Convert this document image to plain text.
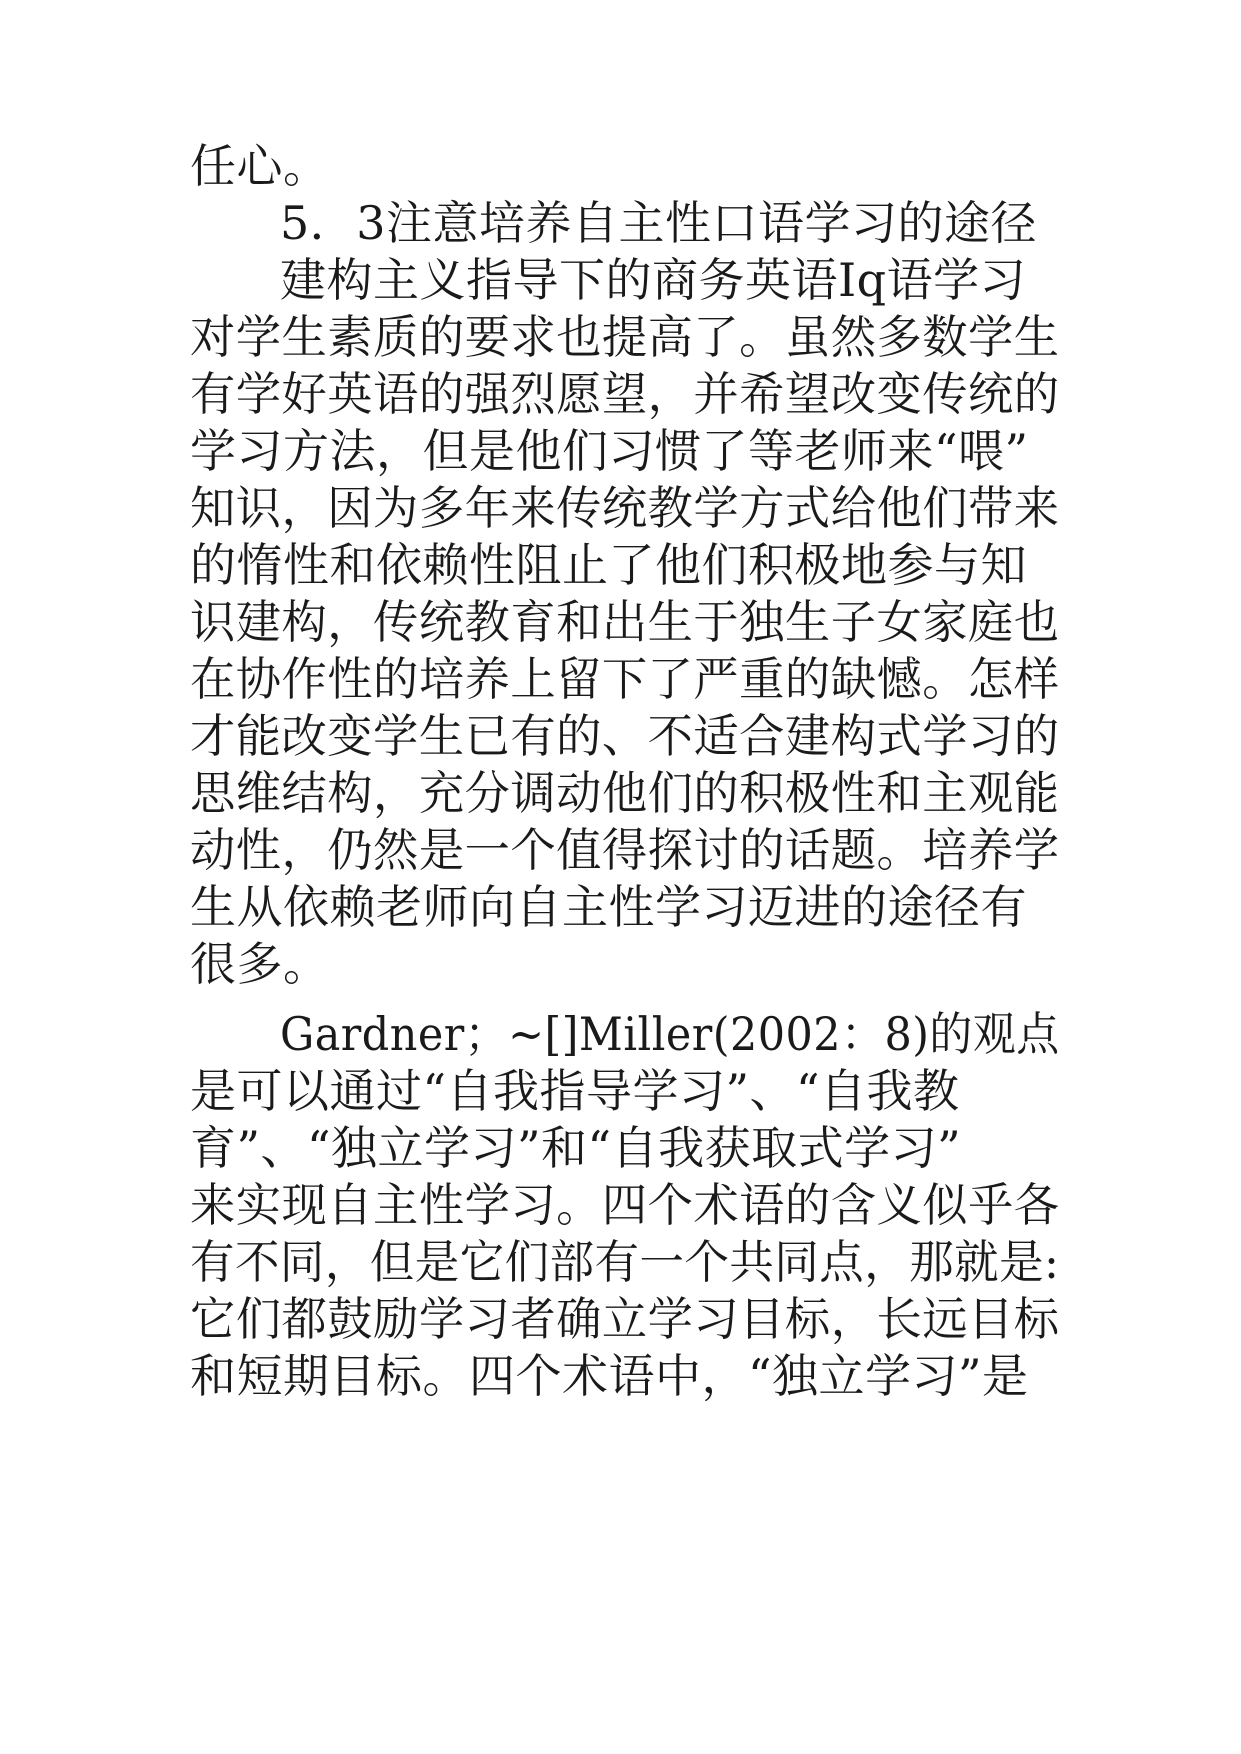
任心。
5．3注意培养自主性口语学习的途径
建构主义指导下的商务英语Iq语学习
对学生素质的要求也提高了。虽然多数学生
有学好英语的强烈愿望，并希望改变传统的
学习方法，但是他们习惯了等老师来“喂”
知识，因为多年来传统教学方式给他们带来
的惰性和依赖性阻止了他们积极地参与知
识建构，传统教育和出生于独生子女家庭也
在协作性的培养上留下了严重的缺憾。怎样
才能改变学生已有的、不适合建构式学习的
思维结构，充分调动他们的积极性和主观能
动性，仍然是一个值得探讨的话题。培养学
生从依赖老师向自主性学习迈进的途径有
很多。
Gardner；~[]Miller(2002：8)的观点
是可以通过“自我指导学习”、“自我教
育”、“独立学习”和“自我获取式学习”
来实现自主性学习。四个术语的含义似乎各
有不同，但是它们部有一个共同点，那就是:
它们都鼓励学习者确立学习目标，长远目标
和短期目标。四个术语中，“独立学习”是
